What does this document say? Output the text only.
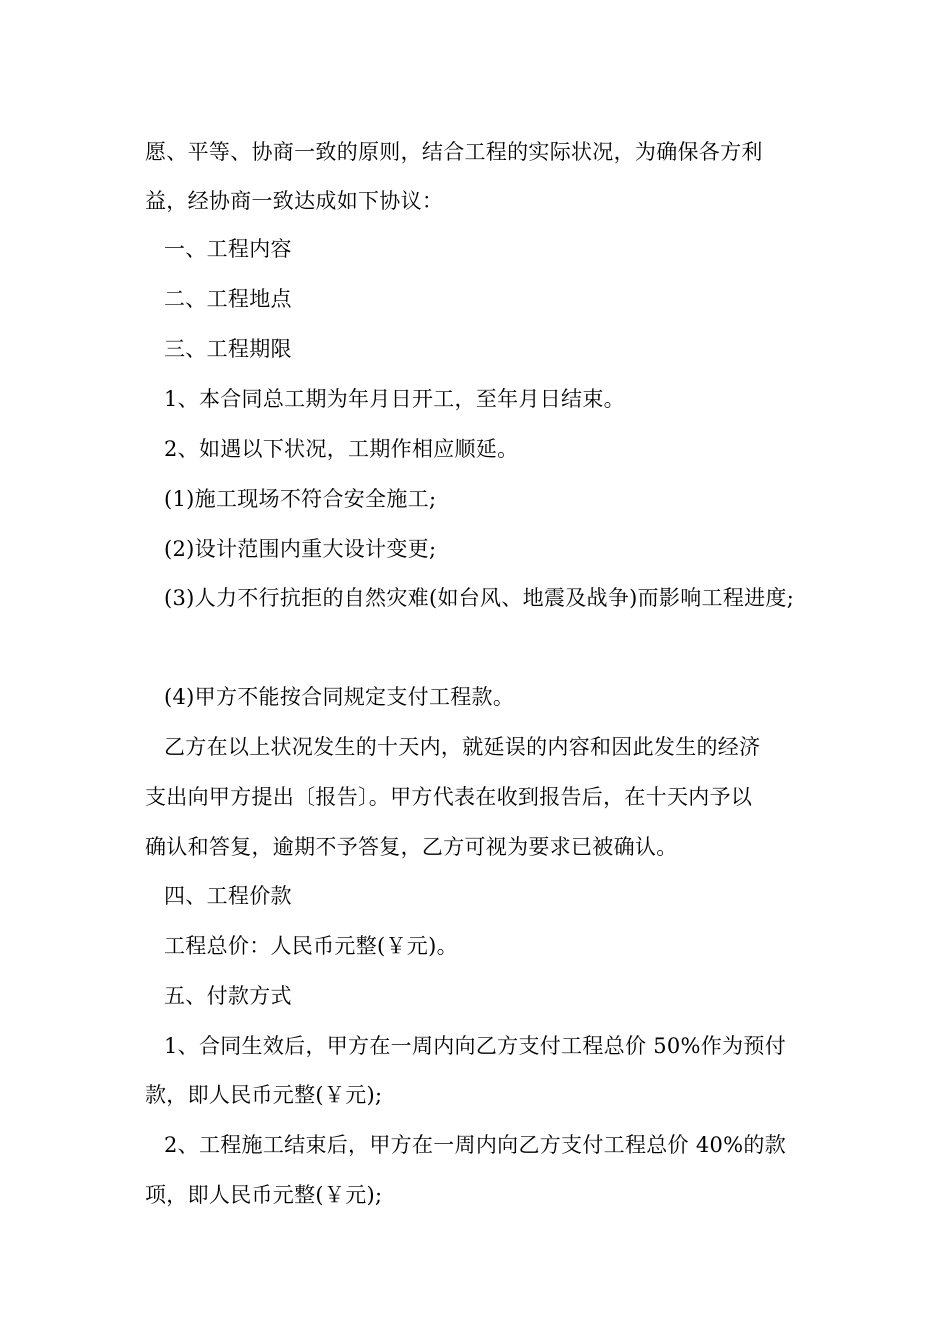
愿、平等、协商一致的原则，结合工程的实际状况，为确保各方利
益，经协商一致达成如下协议：
一、工程内容
二、工程地点
三、工程期限
1、本合同总工期为年月日开工，至年月日结束。
2、如遇以下状况，工期作相应顺延。
(1)施工现场不符合安全施工;
(2)设计范围内重大设计变更;
(3)人力不行抗拒的自然灾难(如台风、地震及战争)而影响工程进度;
(4)甲方不能按合同规定支付工程款。
乙方在以上状况发生的十天内，就延误的内容和因此发生的经济
支出向甲方提出〔报告〕。甲方代表在收到报告后，在十天内予以
确认和答复，逾期不予答复，乙方可视为要求已被确认。
四、工程价款
工程总价：人民币元整(￥元)。
五、付款方式
1、合同生效后，甲方在一周内向乙方支付工程总价 50%作为预付
款，即人民币元整(￥元);
2、工程施工结束后，甲方在一周内向乙方支付工程总价 40%的款
项，即人民币元整(￥元);
